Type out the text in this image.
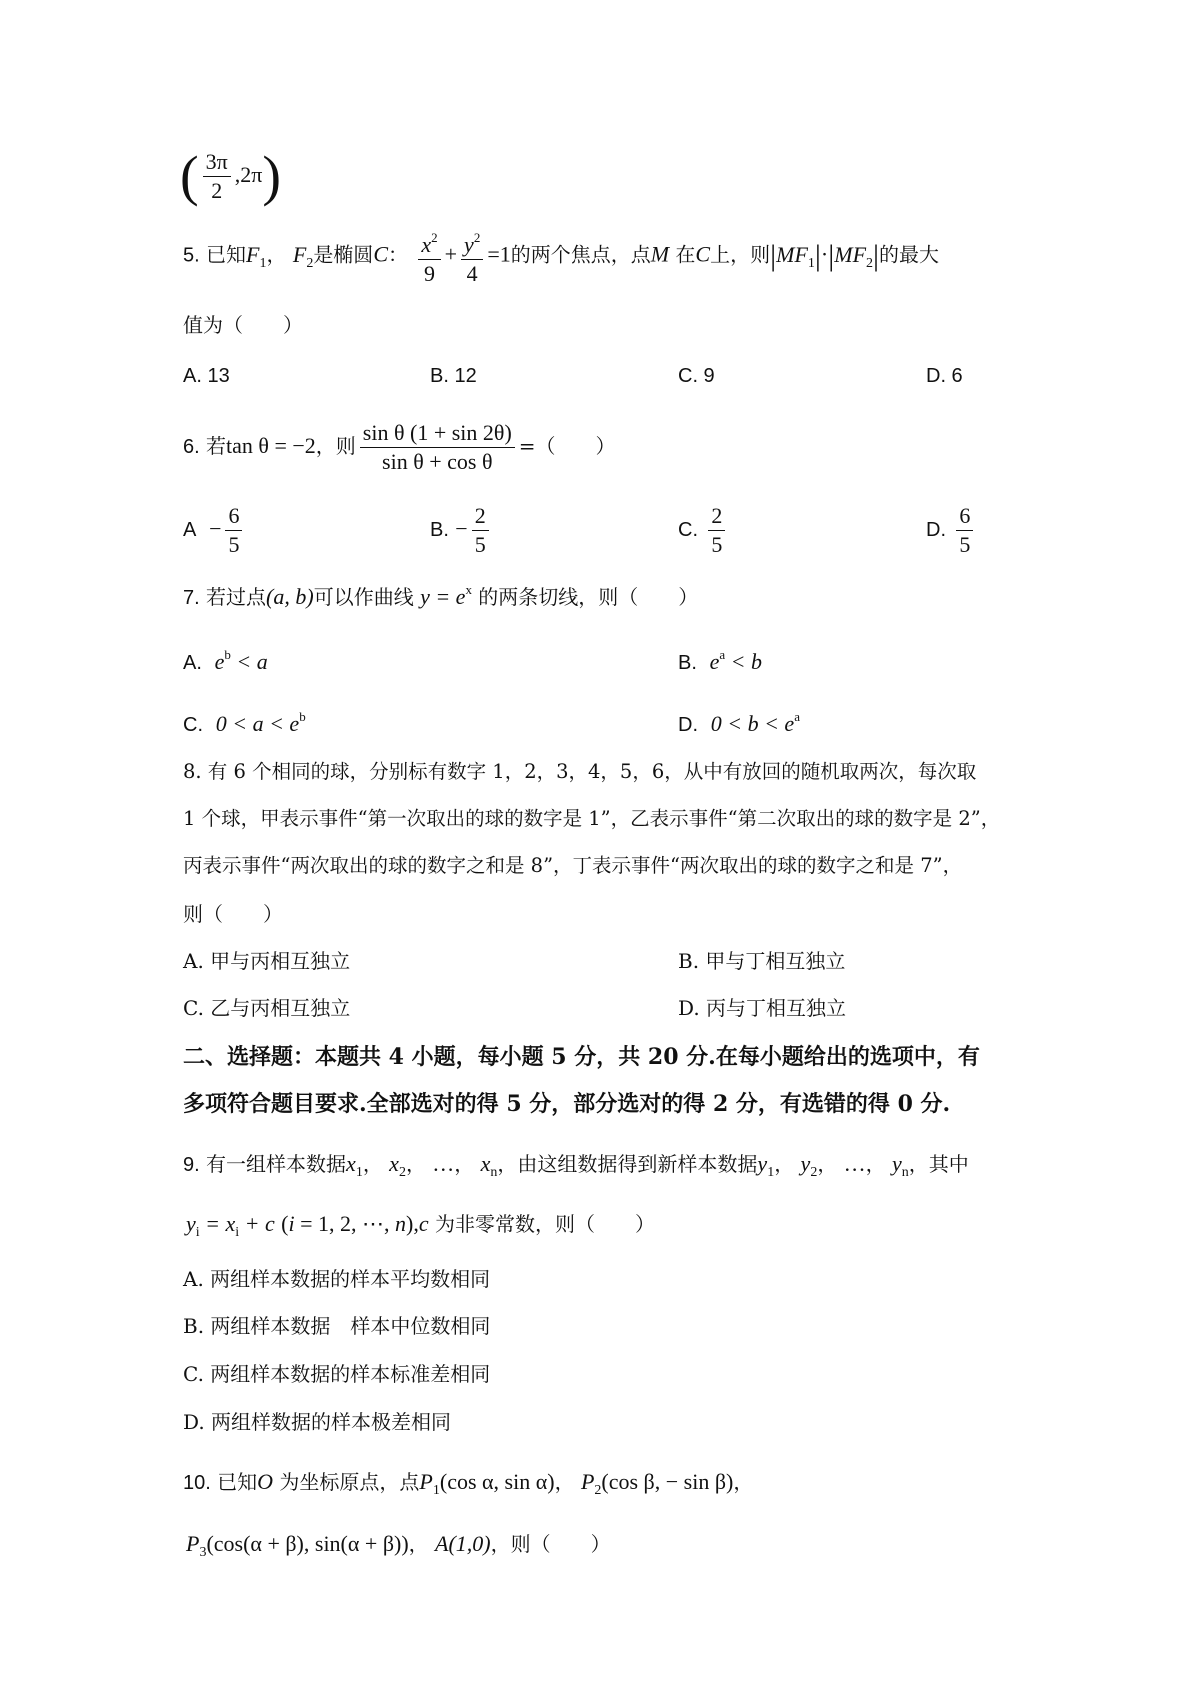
( $\frac{3\pi}{2} ,2\pi$)
5. 已知$F_1$， $F_2$是椭圆C： $\frac{x^2}{9} + \frac{y^2}{4} =1$的两个焦点，点M 在C上，则$|MF_1|\cdot|MF_2|$的最大
值为（　　）
A. 13	B. 12	C. 9	D. 6
6. 若tan θ = −2，则 $\frac{\text{sin θ (1 + sin 2θ)}}{\text{sin θ + cos θ}}$ =（　　）
$A - \frac{6}{5}$	B. − $\frac{2}{5}$	C. $\frac{2}{5}$	D. $\frac{6}{5}$
7. 若过点(a, b)可以作曲线 $y = e^x$ 的两条切线，则（　　）
A. $e^b < a$	B. $e^a < b$
C. $0 < a < e^b$	D. $0 < b < e^a$
8. 有 6 个相同的球，分别标有数字 1，2，3，4，5，6，从中有放回的随机取两次，每次取
1 个球，甲表示事件“第一次取出的球的数字是 1”，乙表示事件“第二次取出的球的数字是 2”，
丙表示事件“两次取出的球的数字之和是 8”，丁表示事件“两次取出的球的数字之和是 7”，
则（　　）
A. 甲与丙相互独立	B. 甲与丁相互独立
C. 乙与丙相互独立	D. 丙与丁相互独立
二、选择题：本题共 4 小题，每小题 5 分，共 20 分.在每小题给出的选项中，有
多项符合题目要求.全部选对的得 5 分，部分选对的得 2 分，有选错的得 0 分.
9. 有一组样本数据$x_1$， $x_2$， …， $x_n$，由这组数据得到新样本数据$y_1$， $y_2$， …， $y_n$，其中
$y_i = x_i + c$ (i = 1, 2, ⋯, n),c 为非零常数，则（　　）
A. 两组样本数据的样本平均数相同
B. 两组样本数据　样本中位数相同
C. 两组样本数据的样本标准差相同
D. 两组样数据的样本极差相同
10. 已知O 为坐标原点，点$P_1(\cos$ α, sin α)， $P_2(\cos$ β, − sin β)，
$P_3(\cos(\alpha + \beta)$, sin(α + β))， A(1,0)，则（　　）
